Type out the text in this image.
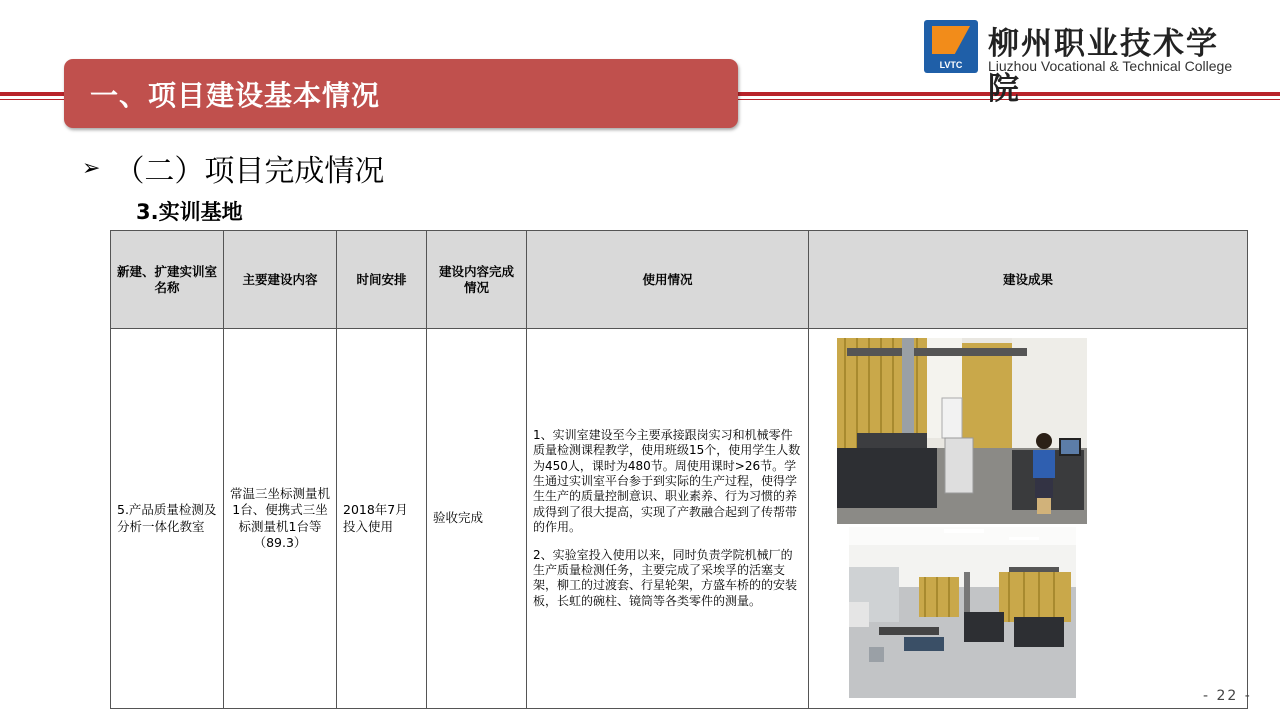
一、项目建设基本情况
LVTC
柳州职业技术学院
Liuzhou Vocational & Technical College
➢ （二）项目完成情况
3.实训基地
新建、扩建实训室名称	主要建设内容	时间安排	建设内容完成情况	使用情况	建设成果
5.产品质量检测及分析一体化教室	常温三坐标测量机1台、便携式三坐标测量机1台等（89.3）	2018年7月投入使用	验收完成	1、实训室建设至今主要承接跟岗实习和机械零件质量检测课程教学，使用班级15个，使用学生人数为450人，课时为480节。周使用课时>26节。学生通过实训室平台参于到实际的生产过程，使得学生生产的质量控制意识、职业素养、行为习惯的养成得到了很大提高，实现了产教融合起到了传帮带的作用。

2、实验室投入使用以来，同时负责学院机械厂的生产质量检测任务，主要完成了采埃孚的活塞支架，柳工的过渡套、行星轮架，方盛车桥的的安装板，长虹的碗柱、镜筒等各类零件的测量。

- 22 -
